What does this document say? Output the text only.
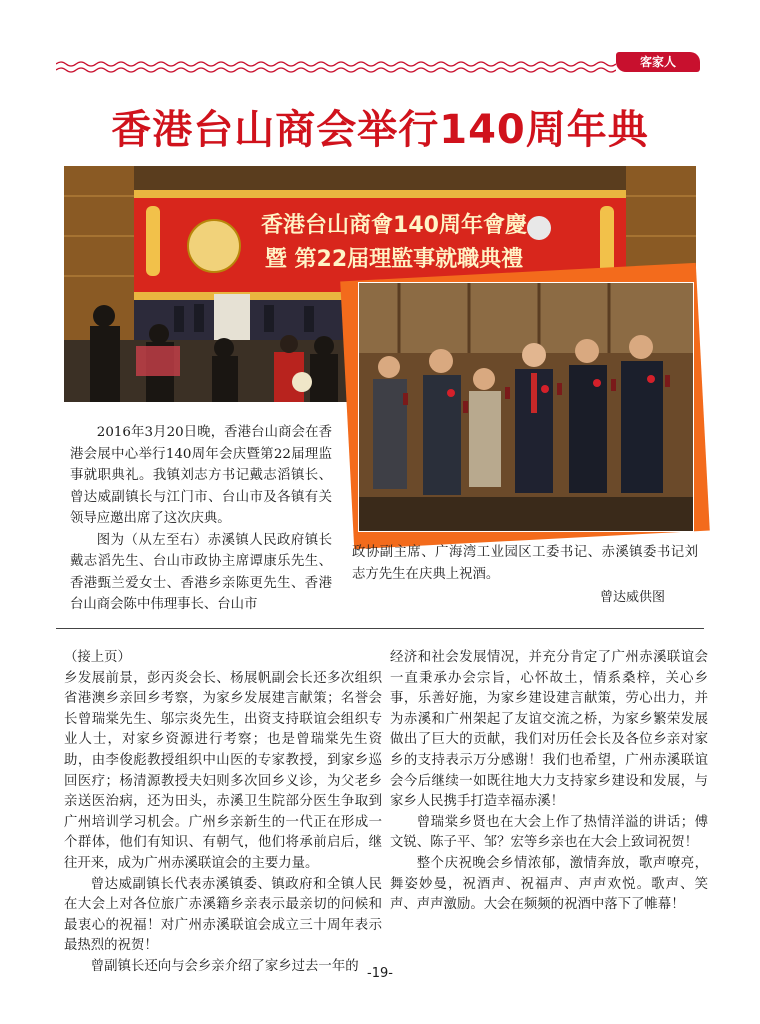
客家人
香港台山商会举行140周年典
香港台山商會140周年會慶
暨 第22届理監事就職典禮

2016年3月20日晚，香港台山商会在香港会展中心举行140周年会庆暨第22届理监事就职典礼。我镇刘志方书记戴志滔镇长、曾达威副镇长与江门市、台山市及各镇有关领导应邀出席了这次庆典。

图为（从左至右）赤溪镇人民政府镇长戴志滔先生、台山市政协主席谭康乐先生、香港甄兰爱女士、香港乡亲陈更先生、香港台山商会陈中伟理事长、台山市

政协副主席、广海湾工业园区工委书记、赤溪镇委书记刘志方先生在庆典上祝酒。
曾达威供图

（接上页）

乡发展前景，彭丙炎会长、杨展帆副会长还多次组织省港澳乡亲回乡考察，为家乡发展建言献策；名誉会长曾瑞棠先生、邬宗炎先生，出资支持联谊会组织专业人士，对家乡资源进行考察；也是曾瑞棠先生资助，由李俊彪教授组织中山医的专家教授，到家乡巡回医疗；杨清源教授夫妇则多次回乡义诊，为父老乡亲送医治病，还为田头，赤溪卫生院部分医生争取到广州培训学习机会。广州乡亲新生的一代正在形成一个群体，他们有知识、有朝气，他们将承前启后，继往开来，成为广州赤溪联谊会的主要力量。

曾达威副镇长代表赤溪镇委、镇政府和全镇人民在大会上对各位旅广赤溪籍乡亲表示最亲切的问候和最衷心的祝福！对广州赤溪联谊会成立三十周年表示最热烈的祝贺！

曾副镇长还向与会乡亲介绍了家乡过去一年的

经济和社会发展情况，并充分肯定了广州赤溪联谊会一直秉承办会宗旨，心怀故土，情系桑梓，关心乡事，乐善好施，为家乡建设建言献策，劳心出力，并为赤溪和广州架起了友谊交流之桥，为家乡繁荣发展做出了巨大的贡献，我们对历任会长及各位乡亲对家乡的支持表示万分感谢！我们也希望，广州赤溪联谊会今后继续一如既往地大力支持家乡建设和发展，与家乡人民携手打造幸福赤溪！

曾瑞棠乡贤也在大会上作了热情洋溢的讲话；傅文锐、陈子平、邹？宏等乡亲也在大会上致词祝贺！

整个庆祝晚会乡情浓郁，激情奔放，歌声嘹亮，舞姿妙曼，祝酒声、祝福声、声声欢悦。歌声、笑声、声声激励。大会在频频的祝酒中落下了帷幕！

-19-
